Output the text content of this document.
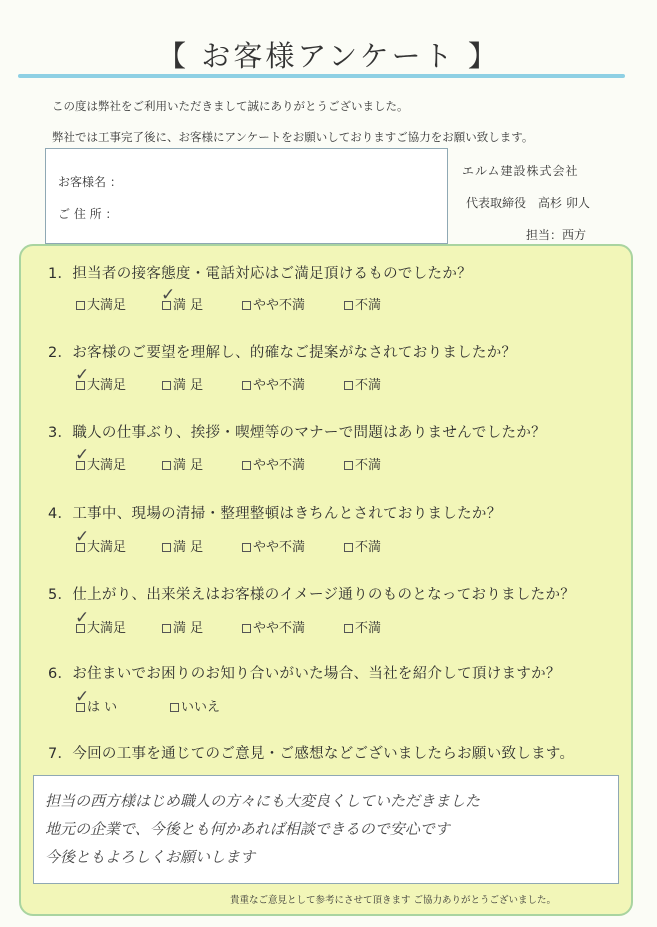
【 お客様アンケート 】
この度は弊社をご利用いただきまして誠にありがとうございました。
弊社では工事完了後に、お客様にアンケートをお願いしておりますご協力をお願い致します。
お客様名 ：
ご 住 所 ：
エルム建設株式会社
代表取締役　高杉 卯人
担当：西方
1．担当者の接客態度・電話対応はご満足頂けるものでしたか？
大満足
✓
満 足	やや不満	不満
2．お客様のご要望を理解し、的確なご提案がなされておりましたか？
✓
大満足	満 足	やや不満	不満
3．職人の仕事ぶり、挨拶・喫煙等のマナーで問題はありませんでしたか？
✓
大満足	満 足	やや不満	不満
4．工事中、現場の清掃・整理整頓はきちんとされておりましたか？
✓
大満足	満 足	やや不満	不満
5．仕上がり、出来栄えはお客様のイメージ通りのものとなっておりましたか？
✓
大満足	満 足	やや不満	不満
6．お住まいでお困りのお知り合いがいた場合、当社を紹介して頂けますか？
✓
は い	いいえ
7．今回の工事を通じてのご意見・ご感想などございましたらお願い致します。
担当の西方様はじめ職人の方々にも大変良くしていただきました
地元の企業で、今後とも何かあれば相談できるので安心です
今後ともよろしくお願いします
貴重なご意見として参考にさせて頂きます ご協力ありがとうございました。
